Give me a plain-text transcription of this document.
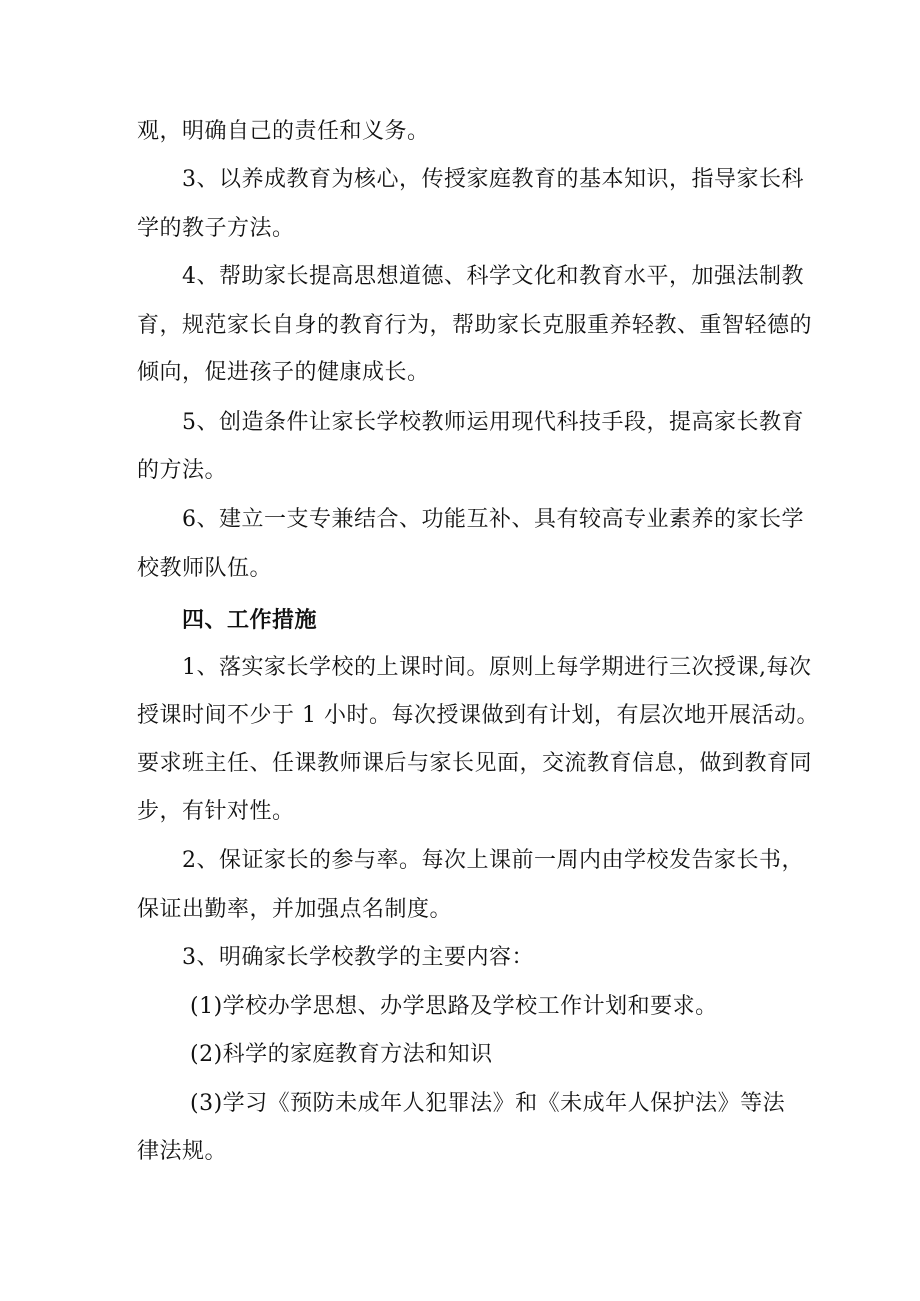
观，明确自己的责任和义务。
3、以养成教育为核心，传授家庭教育的基本知识，指导家长科
学的教子方法。
4、帮助家长提高思想道德、科学文化和教育水平，加强法制教
育，规范家长自身的教育行为，帮助家长克服重养轻教、重智轻德的
倾向，促进孩子的健康成长。
5、创造条件让家长学校教师运用现代科技手段，提高家长教育
的方法。
6、建立一支专兼结合、功能互补、具有较高专业素养的家长学
校教师队伍。
四、工作措施
1、落实家长学校的上课时间。原则上每学期进行三次授课,每次
授课时间不少于 1 小时。每次授课做到有计划，有层次地开展活动。
要求班主任、任课教师课后与家长见面，交流教育信息，做到教育同
步，有针对性。
2、保证家长的参与率。每次上课前一周内由学校发告家长书，
保证出勤率，并加强点名制度。
3、明确家长学校教学的主要内容：
(1)学校办学思想、办学思路及学校工作计划和要求。
(2)科学的家庭教育方法和知识
(3)学习《预防未成年人犯罪法》和《未成年人保护法》等法
律法规。
